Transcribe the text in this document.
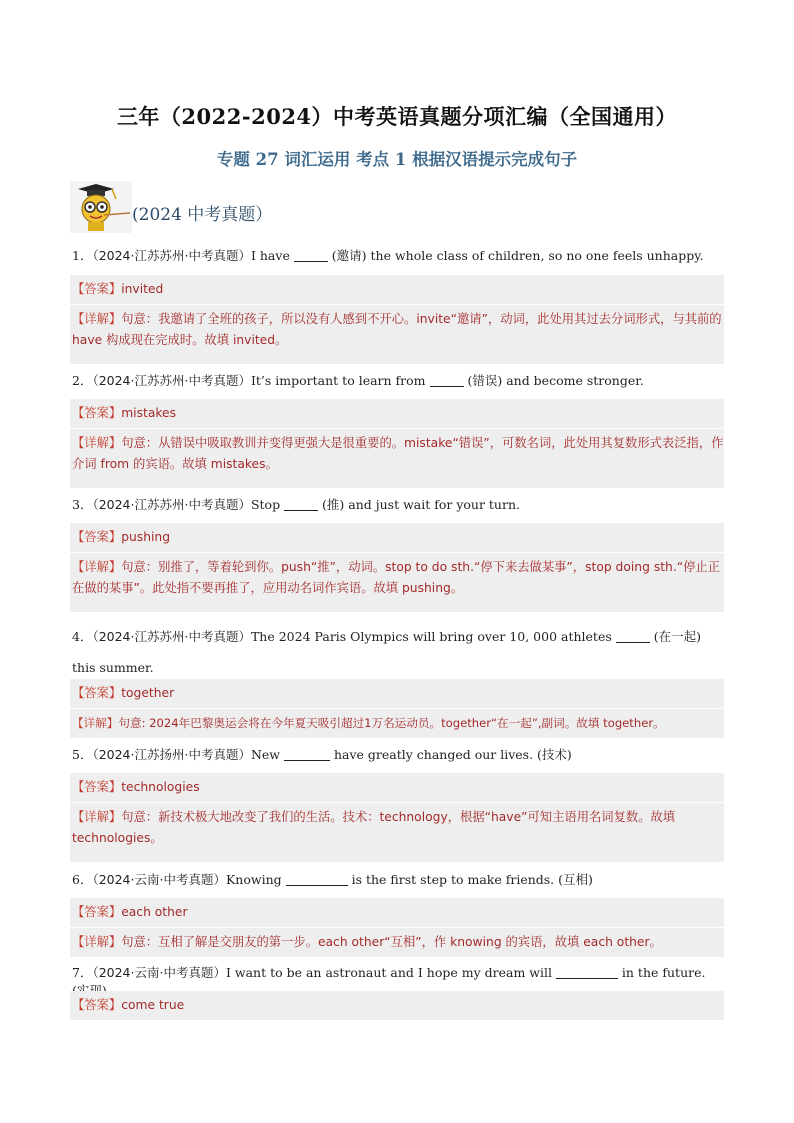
三年（2022-2024）中考英语真题分项汇编（全国通用）
专题 27 词汇运用 考点 1 根据汉语提示完成句子
(2024 中考真题）
1．（2024·江苏苏州·中考真题）I have	(邀请) the whole class of children, so no one feels unhappy.
【答案】invited
【详解】句意：我邀请了全班的孩子，所以没有人感到不开心。invite“邀请”，动词，此处用其过去分词形式，与其前的 have 构成现在完成时。故填 invited。
2．（2024·江苏苏州·中考真题）It’s important to learn from	(错误) and become stronger.
【答案】mistakes
【详解】句意：从错误中吸取教训并变得更强大是很重要的。mistake“错误”，可数名词，此处用其复数形式表泛指，作介词 from 的宾语。故填 mistakes。
3．（2024·江苏苏州·中考真题）Stop	(推) and just wait for your turn.
【答案】pushing
【详解】句意：别推了，等着轮到你。push“推”，动词。stop to do sth.“停下来去做某事”，stop doing sth.“停止正在做的某事”。此处指不要再推了，应用动名词作宾语。故填 pushing。
4．（2024·江苏苏州·中考真题）The 2024 Paris Olympics will bring over 10, 000 athletes	(在一起) this summer.
【答案】together
【详解】句意: 2024年巴黎奥运会将在今年夏天吸引超过1万名运动员。together“在一起”,副词。故填 together。
5．（2024·江苏扬州·中考真题）New	have greatly changed our lives. (技术)
【答案】technologies
【详解】句意：新技术极大地改变了我们的生活。技术：technology，根据“have”可知主语用名词复数。故填 technologies。
6．（2024·云南·中考真题）Knowing	is the first step to make friends. (互相)
【答案】each other
【详解】句意：互相了解是交朋友的第一步。each other“互相”，作 knowing 的宾语，故填 each other。
7．（2024·云南·中考真题）I want to be an astronaut and I hope my dream will	in the future.
【答案】come true
